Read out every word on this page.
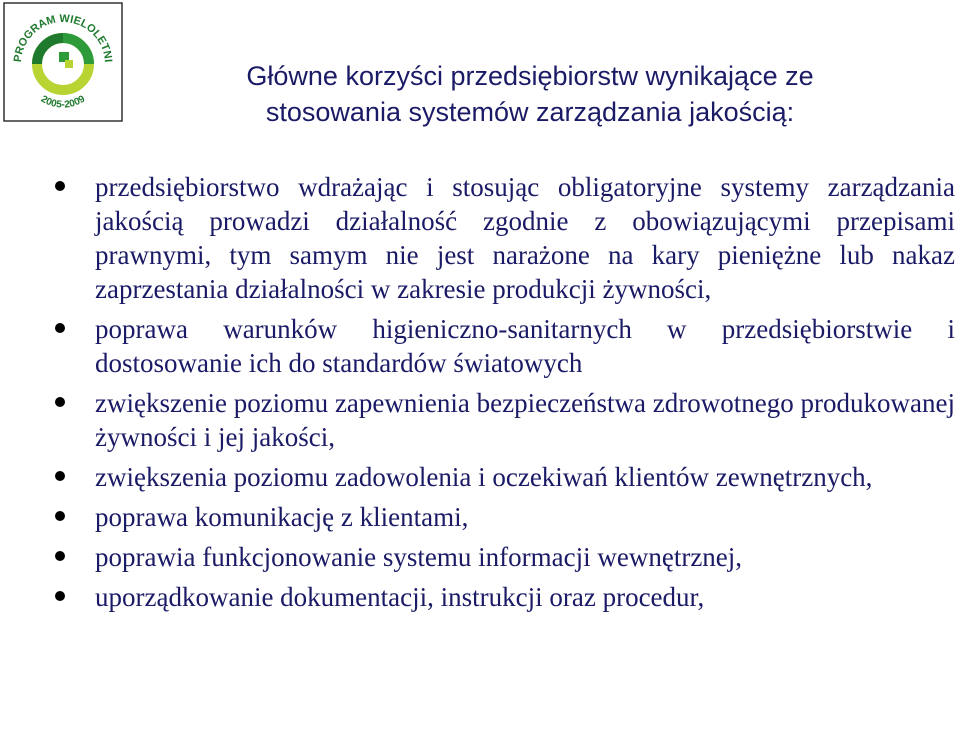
PROGRAM WIELOLETNI
2005-2009
Główne korzyści przedsiębiorstw wynikające ze
stosowania systemów zarządzania jakością:
przedsiębiorstwo wdrażając i stosując obligatoryjne systemy zarządzania jakością prowadzi działalność zgodnie z obowiązującymi przepisami prawnymi, tym samym nie jest narażone na kary pieniężne lub nakaz zaprzestania działalności w zakresie produkcji żywności,
poprawa warunków higieniczno-sanitarnych w przedsiębiorstwie i dostosowanie ich do standardów światowych
zwiększenie poziomu zapewnienia bezpieczeństwa zdrowotnego produkowanej żywności i jej jakości,
zwiększenia poziomu zadowolenia i oczekiwań klientów zewnętrznych,
poprawa komunikację z klientami,
poprawia funkcjonowanie systemu informacji wewnętrznej,
uporządkowanie dokumentacji, instrukcji oraz procedur,
